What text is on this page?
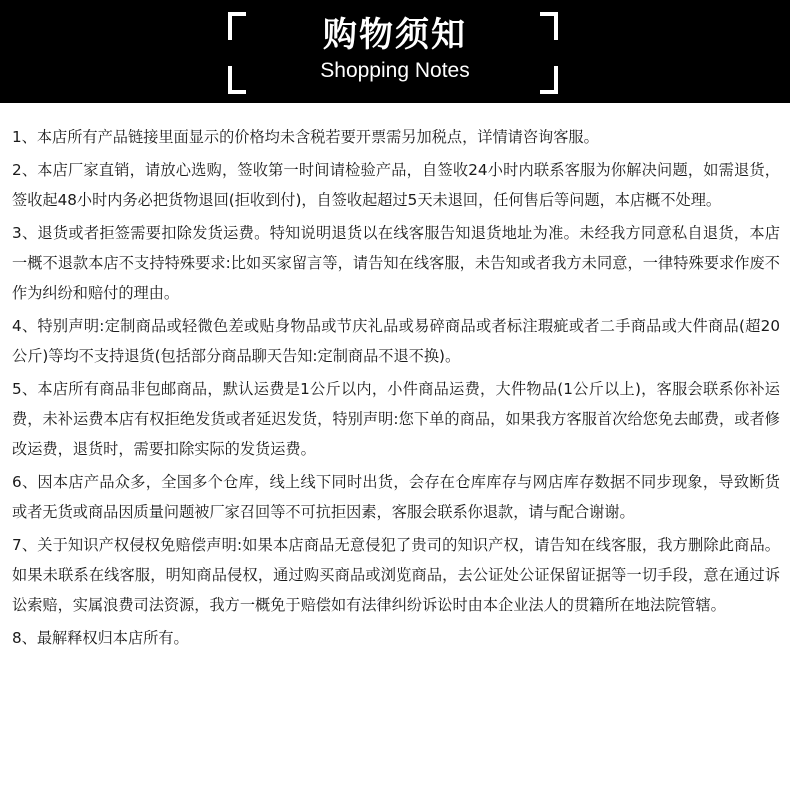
购物须知
Shopping Notes
1、本店所有产品链接里面显示的价格均未含税若要开票需另加税点，详情请咨询客服。
2、本店厂家直销，请放心选购，签收第一时间请检验产品，自签收24小时内联系客服为你解决问题，如需退货，签收起48小时内务必把货物退回(拒收到付)，自签收起超过5天未退回，任何售后等问题，本店概不处理。
3、退货或者拒签需要扣除发货运费。特知说明退货以在线客服告知退货地址为准。未经我方同意私自退货，本店一概不退款本店不支持特殊要求:比如买家留言等，请告知在线客服，未告知或者我方未同意，一律特殊要求作废不作为纠纷和赔付的理由。
4、特别声明:定制商品或轻微色差或贴身物品或节庆礼品或易碎商品或者标注瑕疵或者二手商品或大件商品(超20公斤)等均不支持退货(包括部分商品聊天告知:定制商品不退不换)。
5、本店所有商品非包邮商品，默认运费是1公斤以内，小件商品运费，大件物品(1公斤以上)，客服会联系你补运费，未补运费本店有权拒绝发货或者延迟发货，特别声明:您下单的商品，如果我方客服首次给您免去邮费，或者修改运费，退货时，需要扣除实际的发货运费。
6、因本店产品众多，全国多个仓库，线上线下同时出货，会存在仓库库存与网店库存数据不同步现象，导致断货或者无货或商品因质量问题被厂家召回等不可抗拒因素，客服会联系你退款，请与配合谢谢。
7、关于知识产权侵权免赔偿声明:如果本店商品无意侵犯了贵司的知识产权，请告知在线客服，我方删除此商品。如果未联系在线客服，明知商品侵权，通过购买商品或浏览商品，去公证处公证保留证据等一切手段，意在通过诉讼索赔，实属浪费司法资源，我方一概免于赔偿如有法律纠纷诉讼时由本企业法人的贯籍所在地法院管辖。
8、最解释权归本店所有。
